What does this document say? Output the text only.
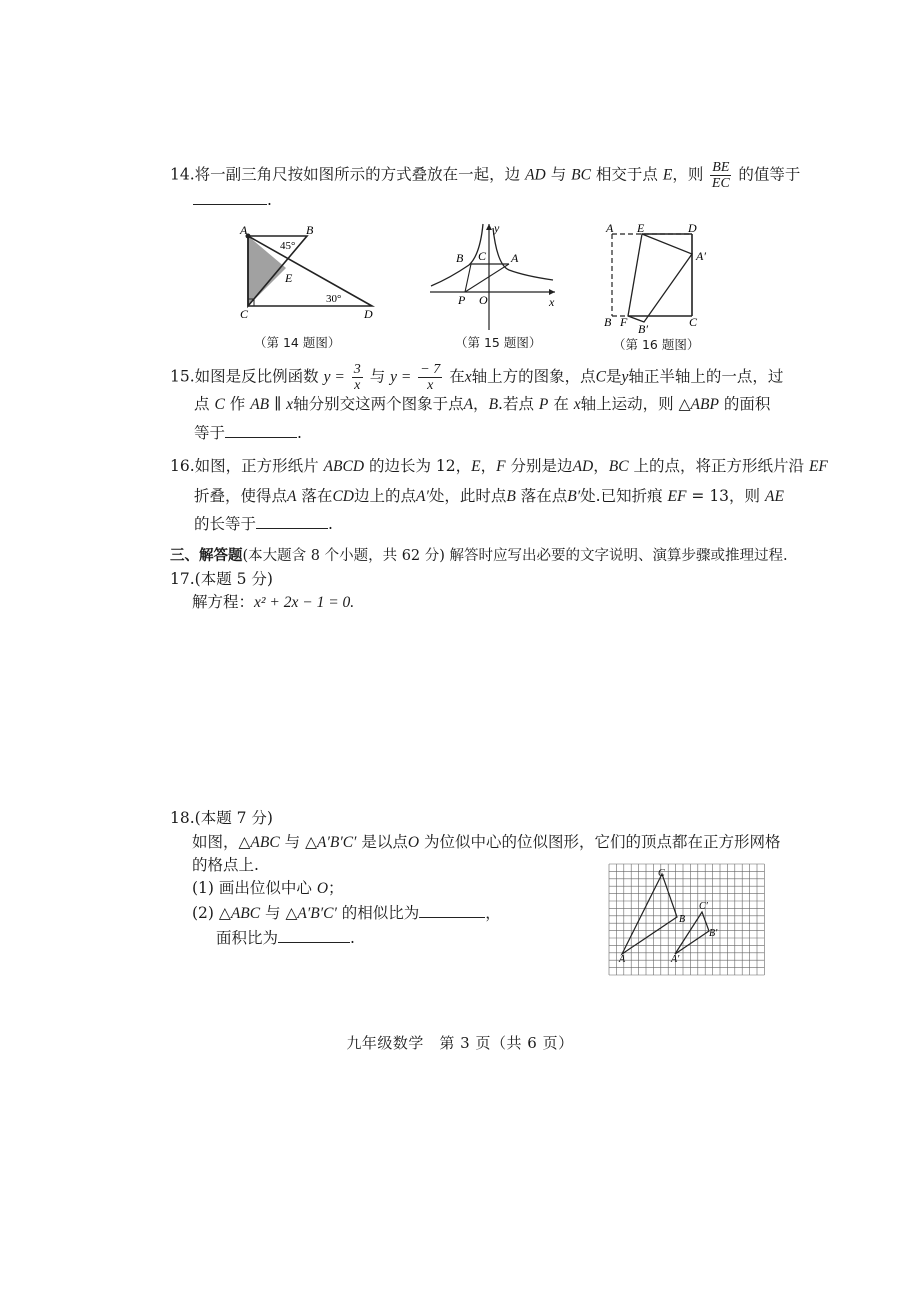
14.将一副三角尺按如图所示的方式叠放在一起，边 AD 与 BC 相交于点 E，则 $\frac{BE}{EC}$ 的值等于
.
A	B
C	D
E
45°
30°
（第 14 题图）
y
x
B C A
P O
（第 15 题图）
A E	D
A′
B F B′	C
（第 16 题图）
15.如图是反比例函数 $y = \frac{3}{x}$ 与 $y = \frac{- 7}{x}$ 在x轴上方的图象，点C是y轴正半轴上的一点，过
点 C 作 AB ∥ x轴分别交这两个图象于点A，B.若点 P 在 x轴上运动，则 △ABP 的面积
等于	.
16.如图，正方形纸片 ABCD 的边长为 12，E，F 分别是边AD，BC 上的点，将正方形纸片沿 EF
折叠，使得点A 落在CD边上的点A′处，此时点B 落在点B′处.已知折痕 EF = 13，则 AE
的长等于	.
三、解答题(本大题含 8 个小题，共 62 分) 解答时应写出必要的文字说明、演算步骤或推理过程.
17.(本题 5 分)
解方程：x² + 2x − 1 = 0.
18.(本题 7 分)
如图，△ABC 与 △A′B′C′ 是以点O 为位似中心的位似图形，它们的顶点都在正方形网格
的格点上.
(1) 画出位似中心 O；
(2) △ABC 与 △A′B′C′ 的相似比为	，
面积比为	.
C
B
C′
B′
A	A′
九年级数学　第 3 页（共 6 页）
